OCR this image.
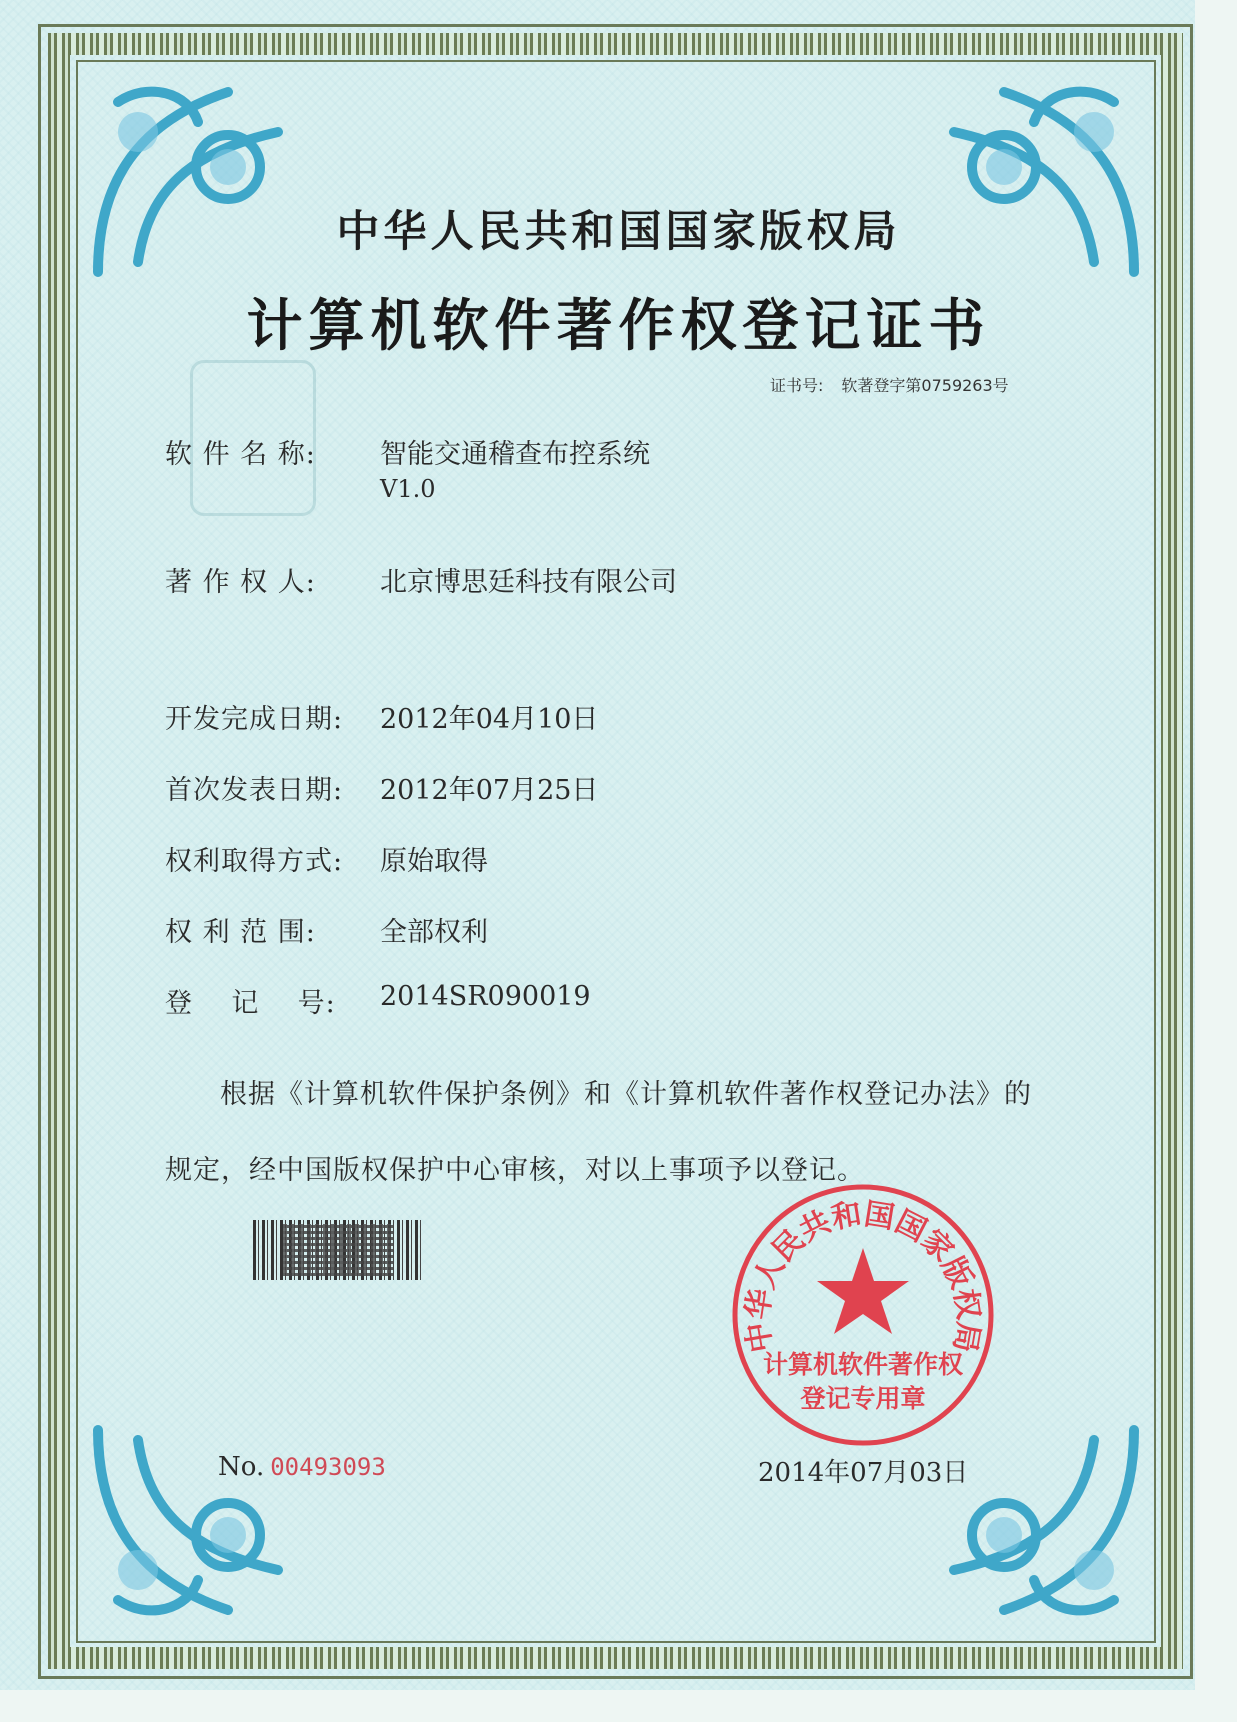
中华人民共和国国家版权局
计算机软件著作权登记证书
证书号: 软著登字第0759263号
软 件 名 称: 智能交通稽查布控系统
V1.0
著 作 权 人: 北京博思廷科技有限公司
开发完成日期: 2012年04月10日
首次发表日期: 2012年07月25日
权利取得方式: 原始取得
权 利 范 围: 全部权利
登    记    号: 2014SR090019
根据《计算机软件保护条例》和《计算机软件著作权登记办法》的
规定，经中国版权保护中心审核，对以上事项予以登记。
中华人民共和国国家版权局
计算机软件著作权
登记专用章
No. 00493093	2014年07月03日
